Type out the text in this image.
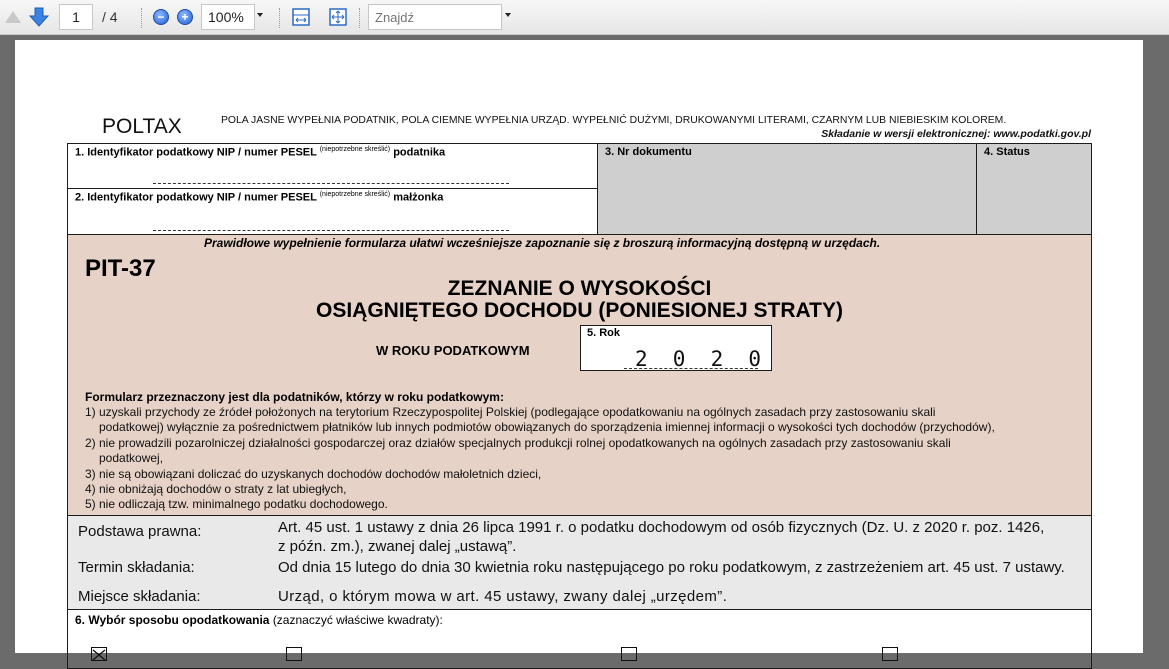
1	/ 4	−	+	100%
Znajdź
POLTAX	POLA JASNE WYPEŁNIA PODATNIK, POLA CIEMNE WYPEŁNIA URZĄD. WYPEŁNIĆ DUŻYMI, DRUKOWANYMI LITERAMI, CZARNYM LUB NIEBIESKIM KOLOREM.
Składanie w wersji elektronicznej: www.podatki.gov.pl
1. Identyfikator podatkowy NIP / numer PESEL $^{(niepotrzebne skreślić)}$ podatnika
2. Identyfikator podatkowy NIP / numer PESEL $^{(niepotrzebne skreślić)}$ małżonka
3. Nr dokumentu	4. Status
Prawidłowe wypełnienie formularza ułatwi wcześniejsze zapoznanie się z broszurą informacyjną dostępną w urzędach.
PIT-37
ZEZNANIE O WYSOKOŚCI
OSIĄGNIĘTEGO DOCHODU (PONIESIONEJ STRATY)
W ROKU PODATKOWYM
5. Rok
2 0 2 0
Formularz przeznaczony jest dla podatników, którzy w roku podatkowym:
1) uzyskali przychody ze źródeł położonych na terytorium Rzeczypospolitej Polskiej (podlegające opodatkowaniu na ogólnych zasadach przy zastosowaniu skali
podatkowej) wyłącznie za pośrednictwem płatników lub innych podmiotów obowiązanych do sporządzenia imiennej informacji o wysokości tych dochodów (przychodów),
2) nie prowadzili pozarolniczej działalności gospodarczej oraz działów specjalnych produkcji rolnej opodatkowanych na ogólnych zasadach przy zastosowaniu skali
podatkowej,
3) nie są obowiązani doliczać do uzyskanych dochodów dochodów małoletnich dzieci,
4) nie obniżają dochodów o straty z lat ubiegłych,
5) nie odliczają tzw. minimalnego podatku dochodowego.
Podstawa prawna:	Art. 45 ust. 1 ustawy z dnia 26 lipca 1991 r. o podatku dochodowym od osób fizycznych (Dz. U. z 2020 r. poz. 1426,
z późn. zm.), zwanej dalej „ustawą”.
Termin składania:	Od dnia 15 lutego do dnia 30 kwietnia roku następującego po roku podatkowym, z zastrzeżeniem art. 45 ust. 7 ustawy.
Miejsce składania:	Urząd, o którym mowa w art. 45 ustawy, zwany dalej „urzędem”.
6. Wybór sposobu opodatkowania (zaznaczyć właściwe kwadraty):
